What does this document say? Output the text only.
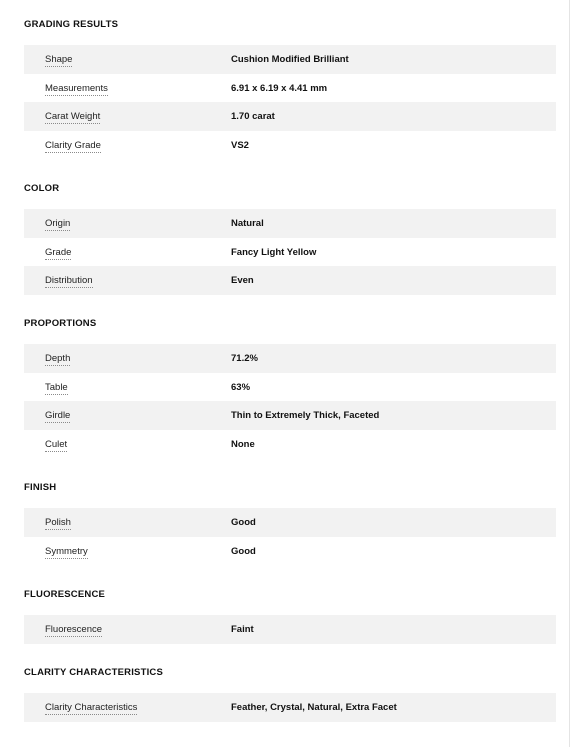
GRADING RESULTS
Shape	Cushion Modified Brilliant
Measurements	6.91 x 6.19 x 4.41 mm
Carat Weight	1.70 carat
Clarity Grade	VS2
COLOR
Origin	Natural
Grade	Fancy Light Yellow
Distribution	Even
PROPORTIONS
Depth	71.2%
Table	63%
Girdle	Thin to Extremely Thick, Faceted
Culet	None
FINISH
Polish	Good
Symmetry	Good
FLUORESCENCE
Fluorescence	Faint
CLARITY CHARACTERISTICS
Clarity Characteristics	Feather, Crystal, Natural, Extra Facet
